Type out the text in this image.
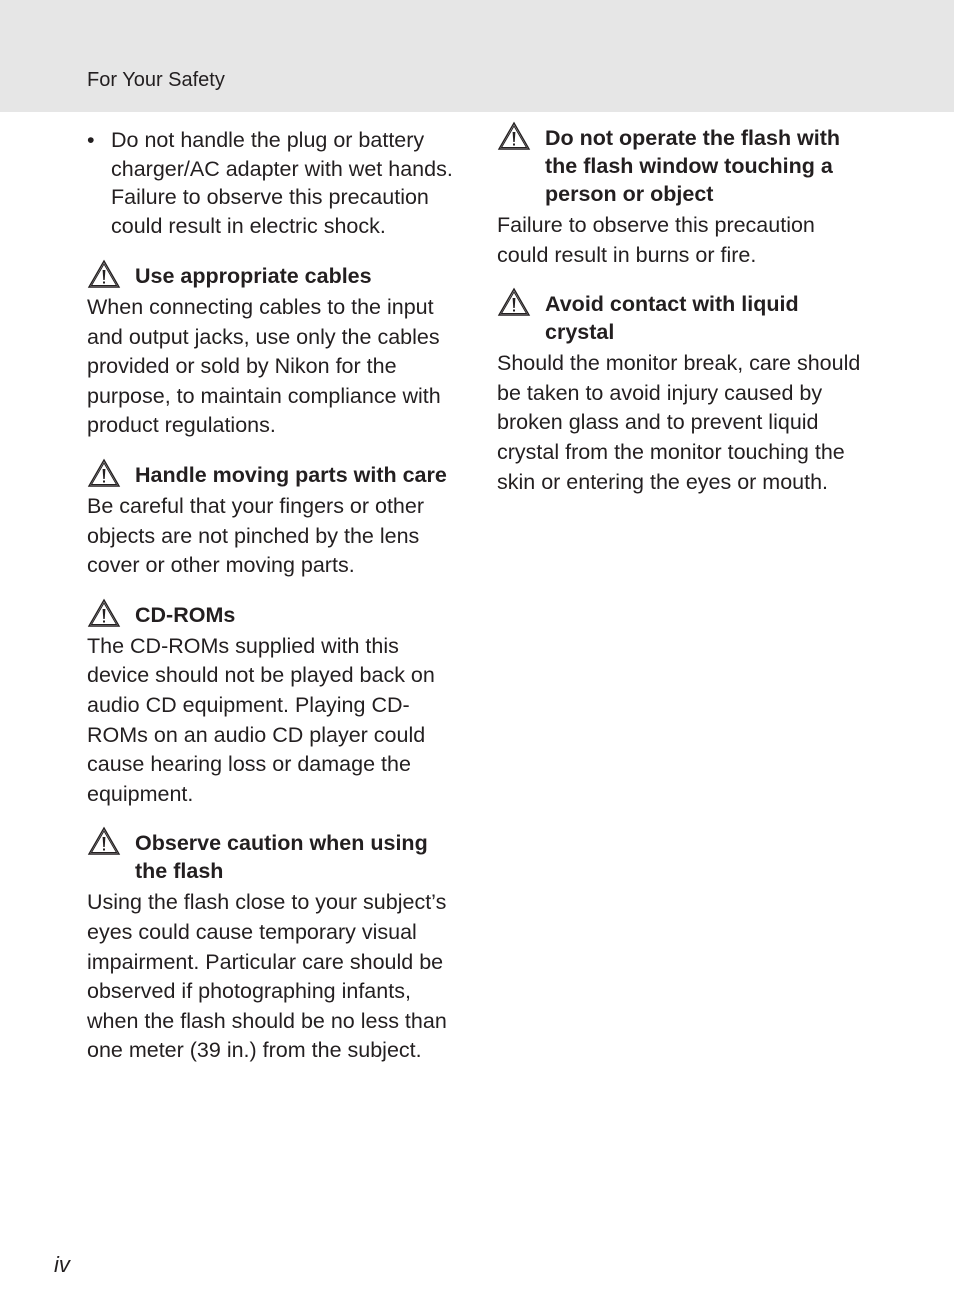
For Your Safety
• Do not handle the plug or battery charger/AC adapter with wet hands. Failure to observe this precaution could result in electric shock.
Use appropriate cables
When connecting cables to the input and output jacks, use only the cables provided or sold by Nikon for the purpose, to maintain compliance with product regulations.
Handle moving parts with care
Be careful that your fingers or other objects are not pinched by the lens cover or other moving parts.
CD-ROMs
The CD-ROMs supplied with this device should not be played back on audio CD equipment. Playing CD-ROMs on an audio CD player could cause hearing loss or damage the equipment.
Observe caution when using the flash
Using the flash close to your subject’s eyes could cause temporary visual impairment. Particular care should be observed if photographing infants, when the flash should be no less than one meter (39 in.) from the subject.
Do not operate the flash with the flash window touching a person or object
Failure to observe this precaution could result in burns or fire.
Avoid contact with liquid crystal
Should the monitor break, care should be taken to avoid injury caused by broken glass and to prevent liquid crystal from the monitor touching the skin or entering the eyes or mouth.
iv
